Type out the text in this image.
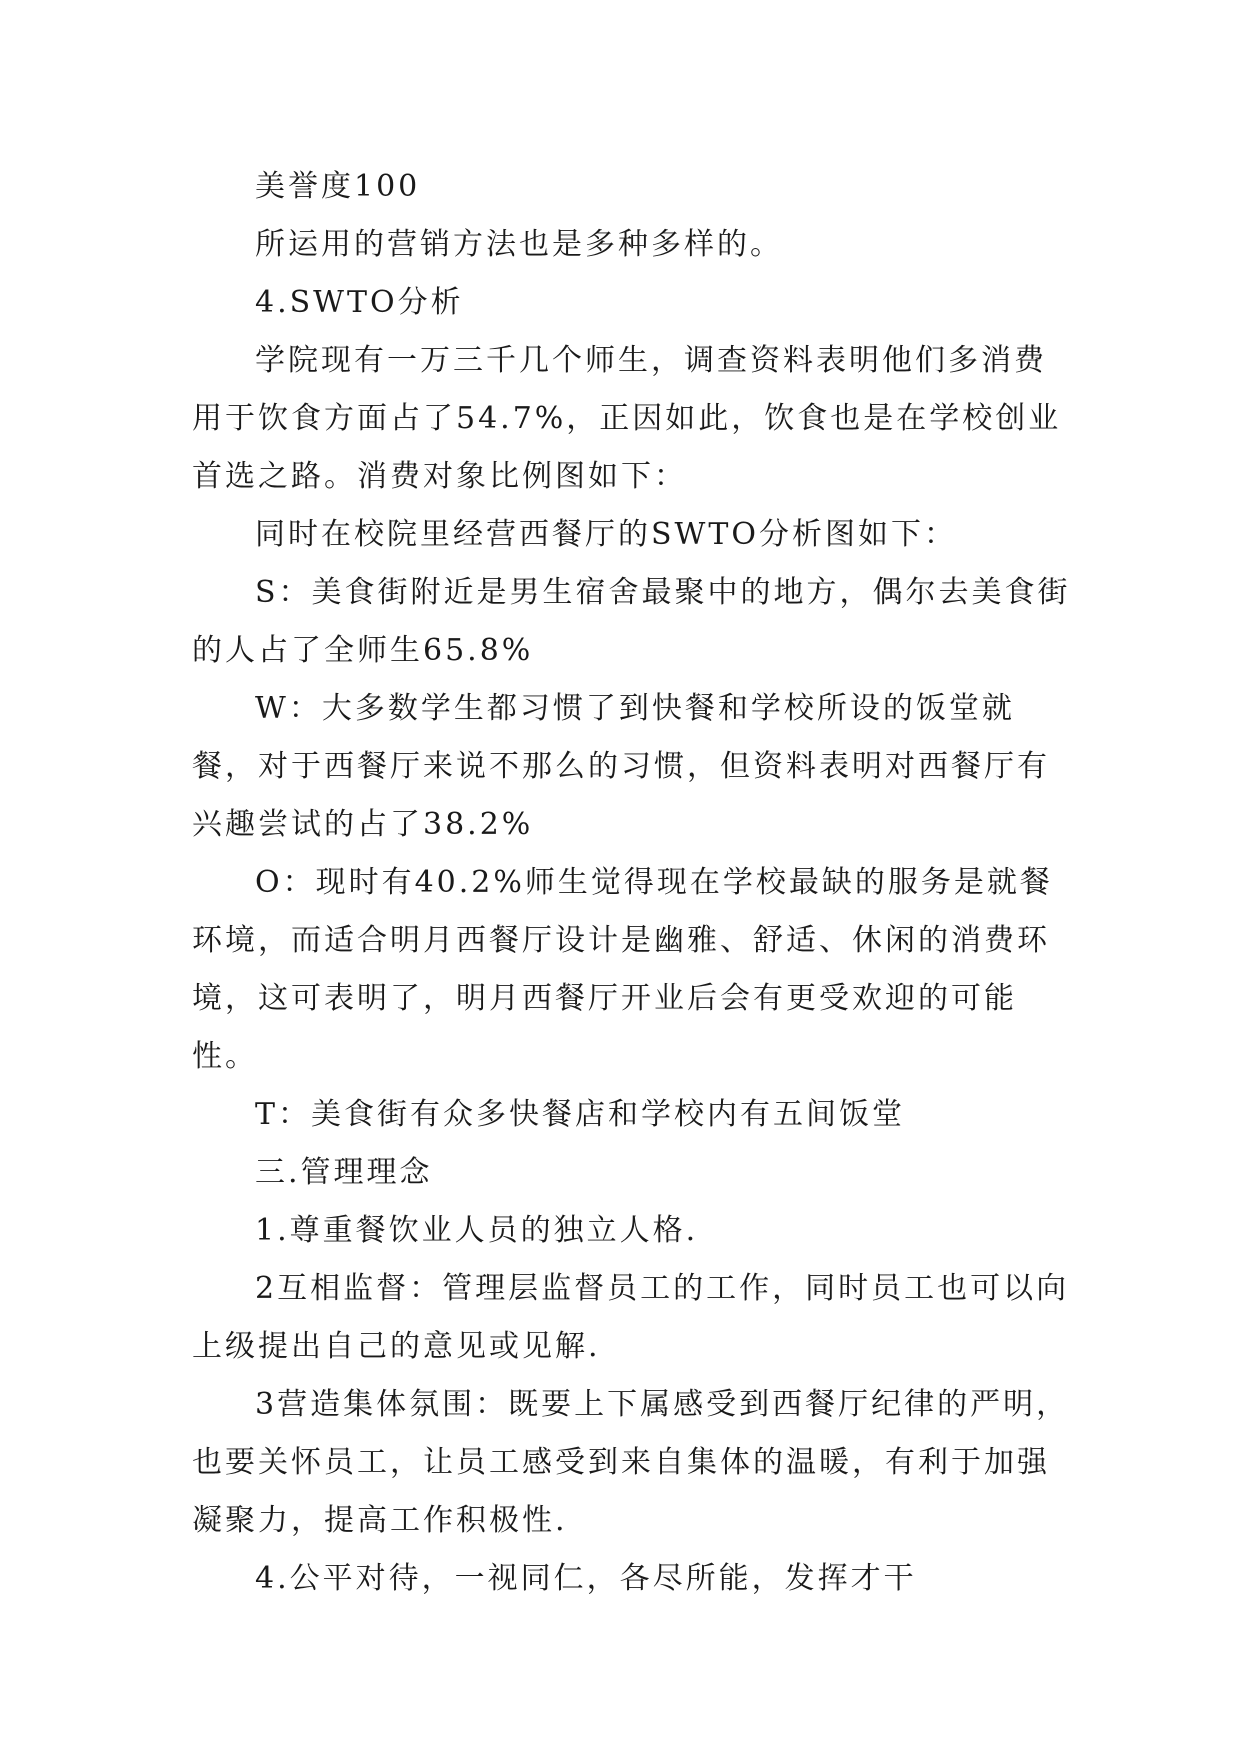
美誉度100

所运用的营销方法也是多种多样的。

4.SWTO分析

学院现有一万三千几个师生，调查资料表明他们多消费用于饮食方面占了54.7%，正因如此，饮食也是在学校创业首选之路。消费对象比例图如下：

同时在校院里经营西餐厅的SWTO分析图如下：

S：美食街附近是男生宿舍最聚中的地方，偶尔去美食街的人占了全师生65.8%

W：大多数学生都习惯了到快餐和学校所设的饭堂就餐，对于西餐厅来说不那么的习惯，但资料表明对西餐厅有兴趣尝试的占了38.2%

O：现时有40.2%师生觉得现在学校最缺的服务是就餐环境，而适合明月西餐厅设计是幽雅、舒适、休闲的消费环境，这可表明了，明月西餐厅开业后会有更受欢迎的可能性。

T：美食街有众多快餐店和学校内有五间饭堂

三.管理理念

1.尊重餐饮业人员的独立人格.

2互相监督：管理层监督员工的工作，同时员工也可以向上级提出自己的意见或见解.

3营造集体氛围：既要上下属感受到西餐厅纪律的严明，也要关怀员工，让员工感受到来自集体的温暖，有利于加强凝聚力，提高工作积极性.

4.公平对待，一视同仁，各尽所能，发挥才干
